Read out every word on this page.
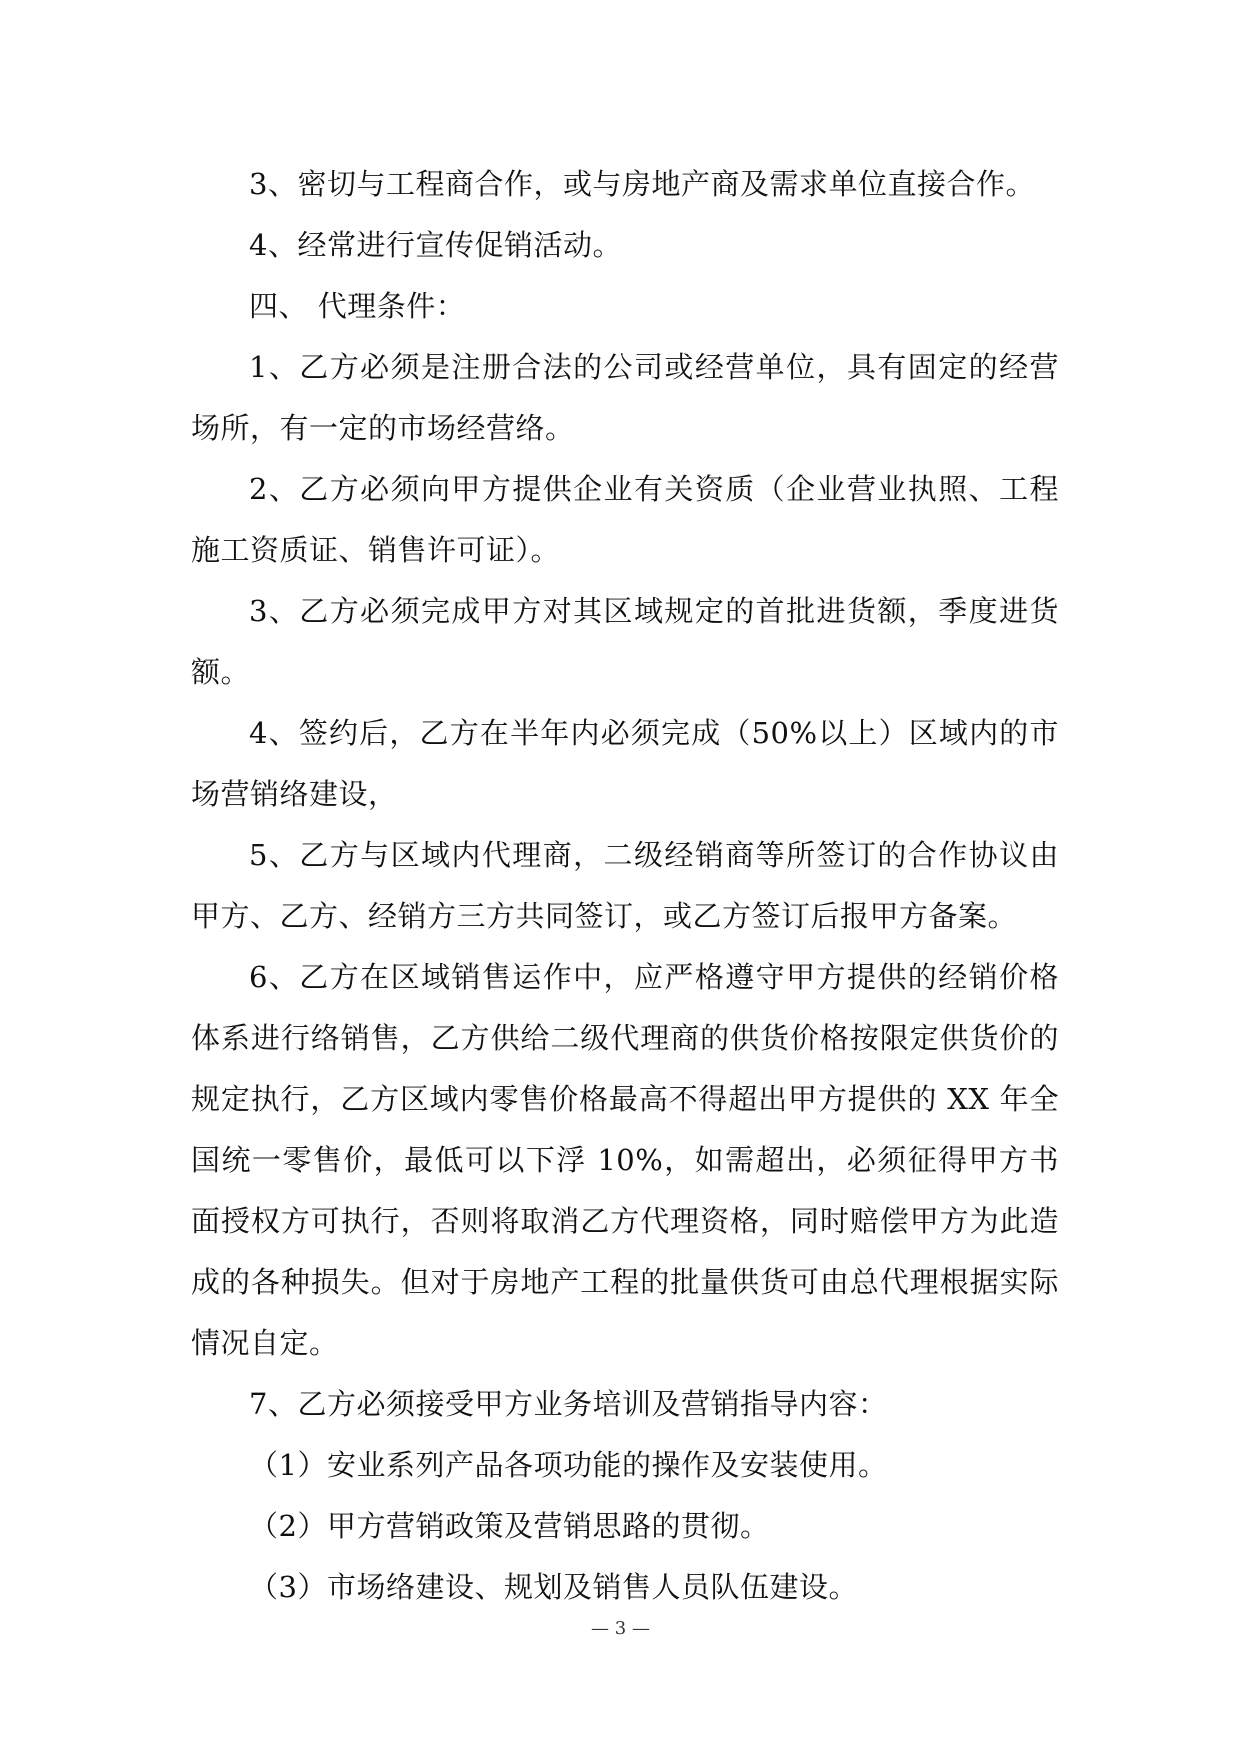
3、密切与工程商合作，或与房地产商及需求单位直接合作。

4、经常进行宣传促销活动。

四、 代理条件：

1、乙方必须是注册合法的公司或经营单位，具有固定的经营场所，有一定的市场经营络。

2、乙方必须向甲方提供企业有关资质（企业营业执照、工程施工资质证、销售许可证）。

3、乙方必须完成甲方对其区域规定的首批进货额，季度进货额。

4、签约后，乙方在半年内必须完成（50%以上）区域内的市场营销络建设，

5、乙方与区域内代理商，二级经销商等所签订的合作协议由甲方、乙方、经销方三方共同签订，或乙方签订后报甲方备案。

6、乙方在区域销售运作中，应严格遵守甲方提供的经销价格体系进行络销售，乙方供给二级代理商的供货价格按限定供货价的规定执行，乙方区域内零售价格最高不得超出甲方提供的 XX 年全国统一零售价，最低可以下浮 10%，如需超出，必须征得甲方书面授权方可执行，否则将取消乙方代理资格，同时赔偿甲方为此造成的各种损失。但对于房地产工程的批量供货可由总代理根据实际情况自定。

7、乙方必须接受甲方业务培训及营销指导内容：

（1）安业系列产品各项功能的操作及安装使用。

（2）甲方营销政策及营销思路的贯彻。

（3）市场络建设、规划及销售人员队伍建设。

— 3 —
